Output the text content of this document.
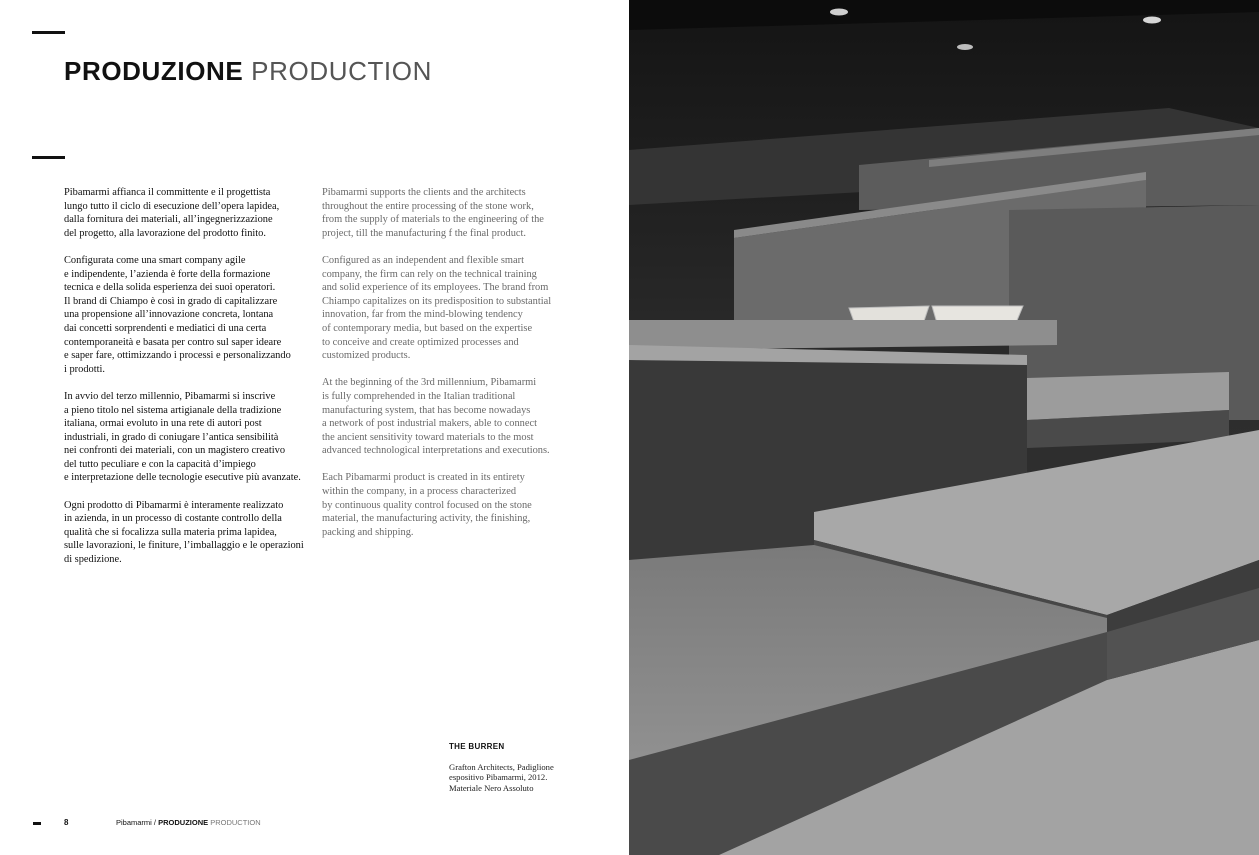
PRODUZIONE PRODUCTION

Pibamarmi affianca il committente e il progettista
lungo tutto il ciclo di esecuzione dell’opera lapidea,
dalla fornitura dei materiali, all’ingegnerizzazione
del progetto, alla lavorazione del prodotto finito.

Configurata come una smart company agile
e indipendente, l’azienda è forte della formazione
tecnica e della solida esperienza dei suoi operatori.
Il brand di Chiampo è così in grado di capitalizzare
una propensione all’innovazione concreta, lontana
dai concetti sorprendenti e mediatici di una certa
contemporaneità e basata per contro sul saper ideare
e saper fare, ottimizzando i processi e personalizzando
i prodotti.

In avvio del terzo millennio, Pibamarmi si inscrive
a pieno titolo nel sistema artigianale della tradizione
italiana, ormai evoluto in una rete di autori post
industriali, in grado di coniugare l’antica sensibilità
nei confronti dei materiali, con un magistero creativo
del tutto peculiare e con la capacità d’impiego
e interpretazione delle tecnologie esecutive più avanzate.

Ogni prodotto di Pibamarmi è interamente realizzato
in azienda, in un processo di costante controllo della
qualità che si focalizza sulla materia prima lapidea,
sulle lavorazioni, le finiture, l’imballaggio e le operazioni
di spedizione.

Pibamarmi supports the clients and the architects
throughout the entire processing of the stone work,
from the supply of materials to the engineering of the
project, till the manufacturing f the final product.

Configured as an independent and flexible smart
company, the firm can rely on the technical training
and solid experience of its employees. The brand from
Chiampo capitalizes on its predisposition to substantial
innovation, far from the mind-blowing tendency
of contemporary media, but based on the expertise
to conceive and create optimized processes and
customized products.

At the beginning of the 3rd millennium, Pibamarmi
is fully comprehended in the Italian traditional
manufacturing system, that has become nowadays
a network of post industrial makers, able to connect
the ancient sensitivity toward materials to the most
advanced technological interpretations and executions.

Each Pibamarmi product is created in its entirety
within the company, in a process characterized
by continuous quality control focused on the stone
material, the manufacturing activity, the finishing,
packing and shipping.

THE BURREN

Grafton Architects, Padiglione
espositivo Pibamarmi, 2012.
Materiale Nero Assoluto

8	Pibamarmi / PRODUZIONE PRODUCTION
